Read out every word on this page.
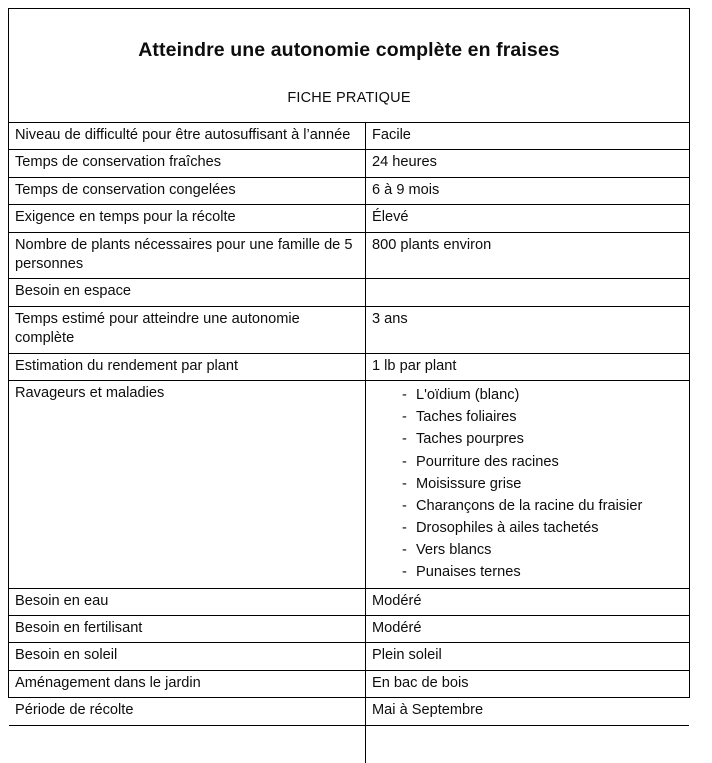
Atteindre une autonomie complète en fraises
FICHE PRATIQUE
Niveau de difficulté pour être autosuffisant à l’année	Facile
Temps de conservation fraîches	24 heures
Temps de conservation congelées	6 à 9 mois
Exigence en temps pour la récolte	Élevé
Nombre de plants nécessaires pour une famille de 5 personnes	800 plants environ
Besoin en espace	
Temps estimé pour atteindre une autonomie complète	3 ans
Estimation du rendement par plant	1 lb par plant
Ravageurs et maladies	- L'oïdium (blanc)
- Taches foliaires
- Taches pourpres
- Pourriture des racines
- Moisissure grise
- Charançons de la racine du fraisier
- Drosophiles à ailes tachetés
- Vers blancs
- Punaises ternes

Besoin en eau	Modéré
Besoin en fertilisant	Modéré
Besoin en soleil	Plein soleil
Aménagement dans le jardin	En bac de bois
Période de récolte	Mai à Septembre
